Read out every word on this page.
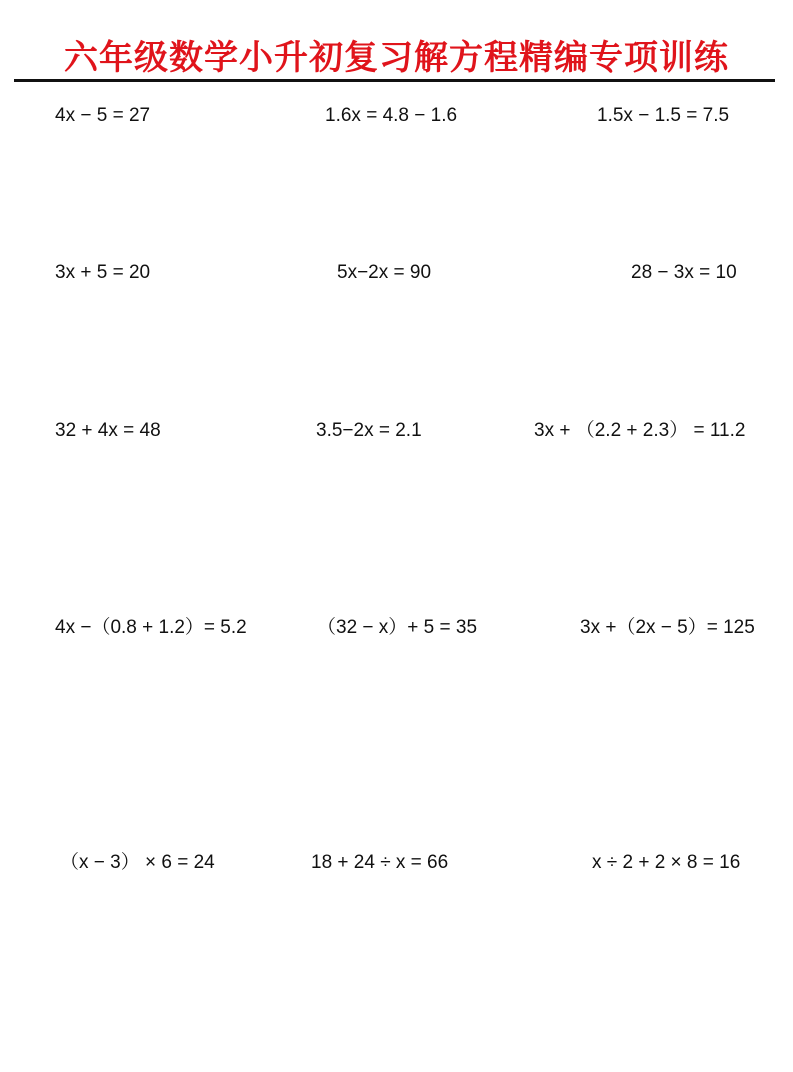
六年级数学小升初复习解方程精编专项训练
4x − 5 = 27	1.6x = 4.8 − 1.6	1.5x − 1.5 = 7.5
3x + 5 = 20	5x−2x = 90	28 − 3x = 10
32 + 4x = 48	3.5−2x = 2.1	3x + （2.2 + 2.3） = 11.2
4x −（0.8 + 1.2）= 5.2	（32 − x）+ 5 = 35	3x +（2x − 5）= 125
（x − 3） × 6 = 24	18 + 24 ÷ x = 66	x ÷ 2 + 2 × 8 = 16
